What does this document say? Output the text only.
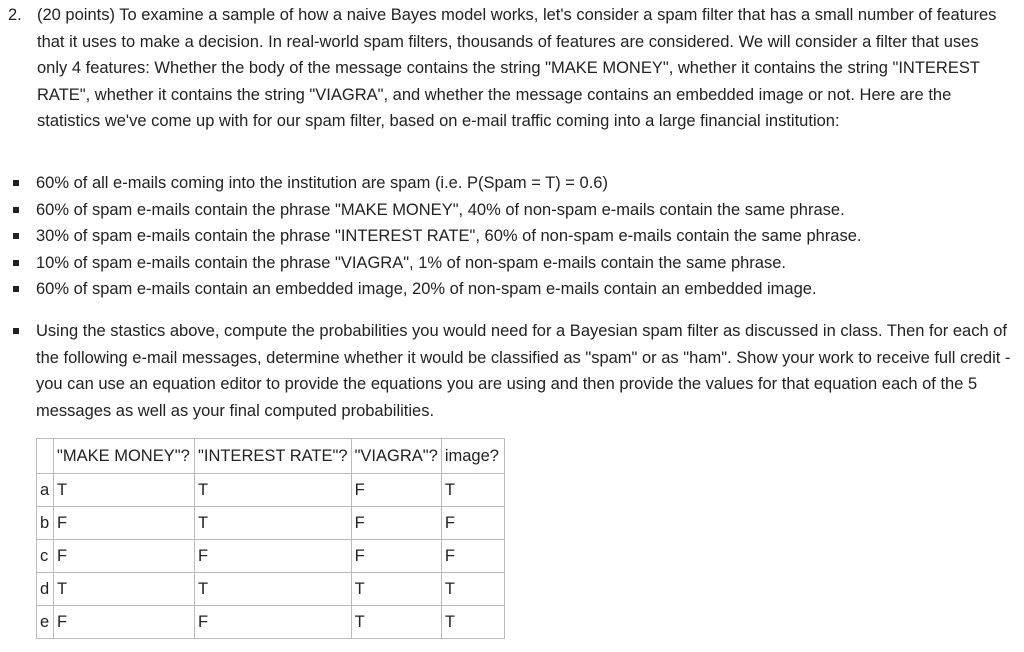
2. (20 points) To examine a sample of how a naive Bayes model works, let's consider a spam filter that has a small number of features that it uses to make a decision. In real-world spam filters, thousands of features are considered. We will consider a filter that uses only 4 features: Whether the body of the message contains the string "MAKE MONEY", whether it contains the string "INTEREST RATE", whether it contains the string "VIAGRA", and whether the message contains an embedded image or not. Here are the statistics we've come up with for our spam filter, based on e-mail traffic coming into a large financial institution:
60% of all e-mails coming into the institution are spam (i.e. P(Spam = T) = 0.6)
60% of spam e-mails contain the phrase "MAKE MONEY", 40% of non-spam e-mails contain the same phrase.
30% of spam e-mails contain the phrase "INTEREST RATE", 60% of non-spam e-mails contain the same phrase.
10% of spam e-mails contain the phrase "VIAGRA", 1% of non-spam e-mails contain the same phrase.
60% of spam e-mails contain an embedded image, 20% of non-spam e-mails contain an embedded image.
Using the stastics above, compute the probabilities you would need for a Bayesian spam filter as discussed in class. Then for each of the following e-mail messages, determine whether it would be classified as "spam" or as "ham". Show your work to receive full credit - you can use an equation editor to provide the equations you are using and then provide the values for that equation each of the 5 messages as well as your final computed probabilities.
	"MAKE MONEY"?	"INTEREST RATE"?	"VIAGRA"?	image?
a	T	T	F	T
b	F	T	F	F
c	F	F	F	F
d	T	T	T	T
e	F	F	T	T
